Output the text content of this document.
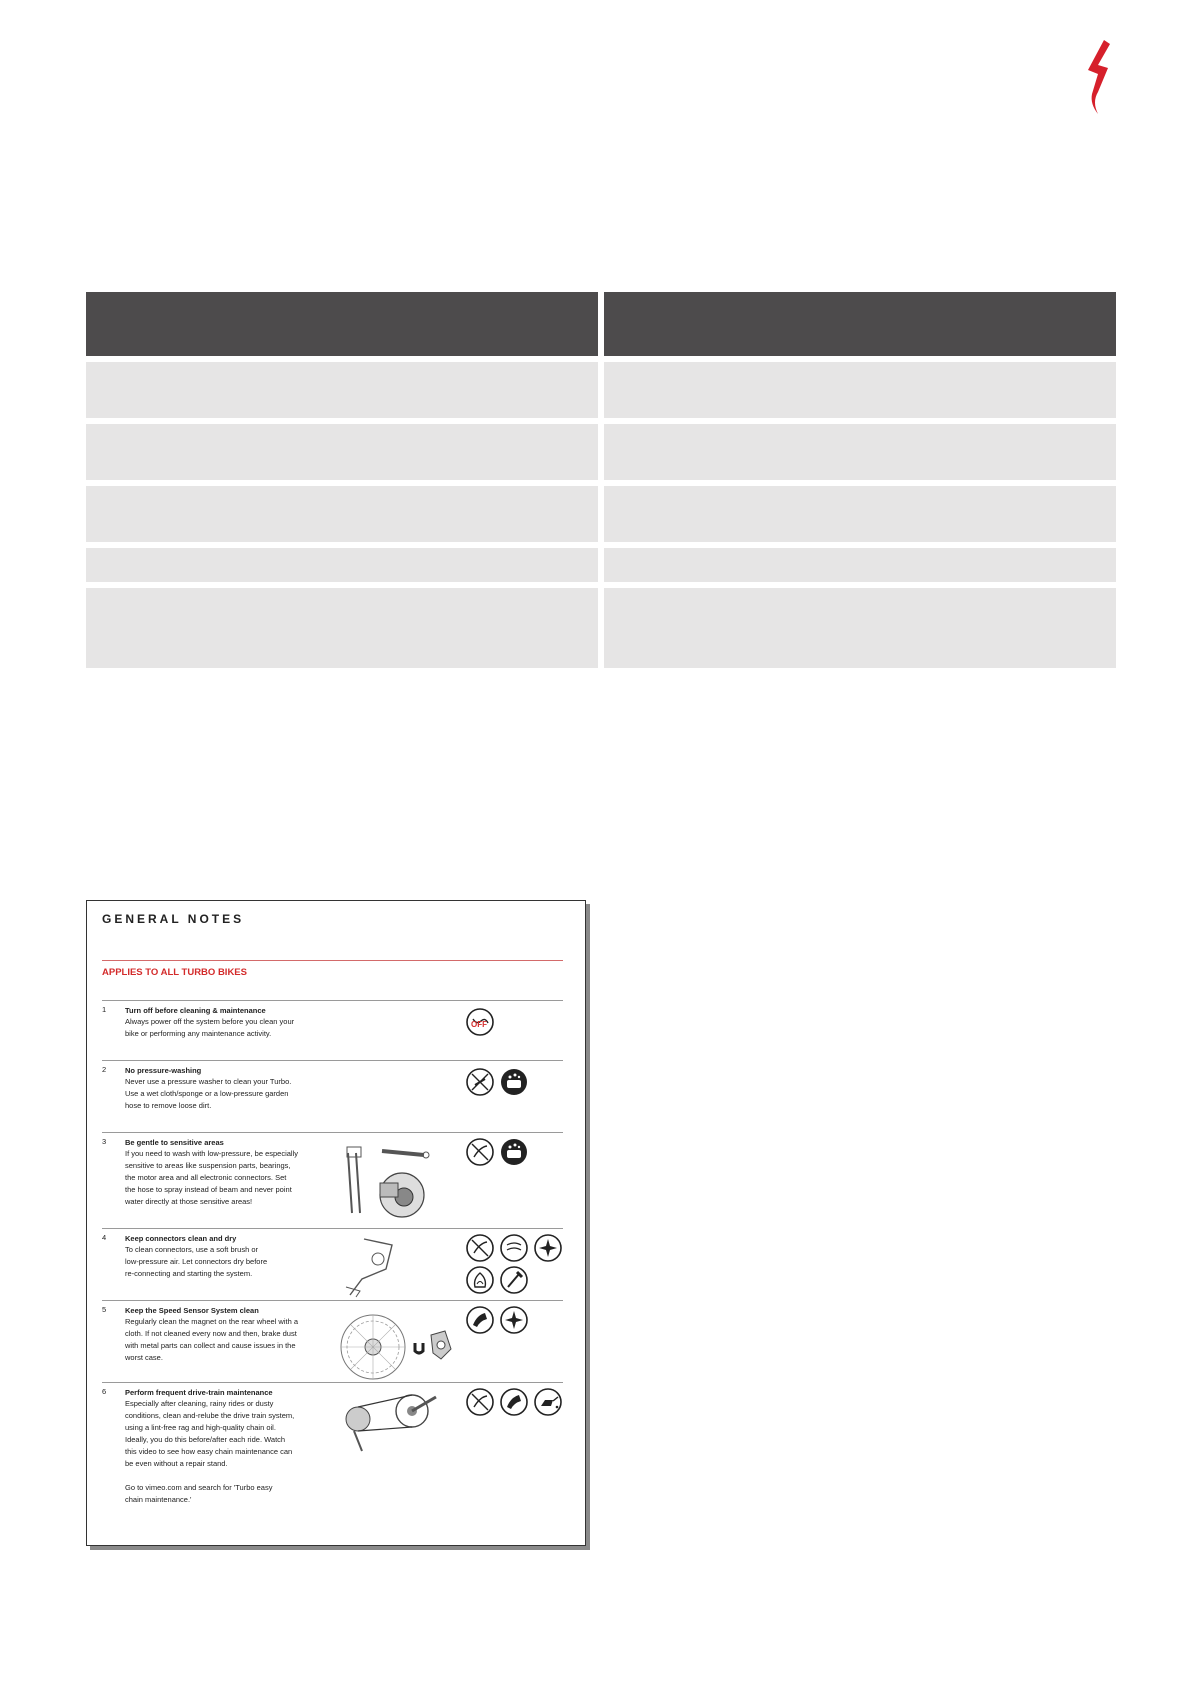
GENERAL NOTES
APPLIES TO ALL TURBO BIKES
1	Turn off before cleaning & maintenance
Always power off the system before you clean your
bike or performing any maintenance activity.
OFF
2	No pressure-washing
Never use a pressure washer to clean your Turbo.
Use a wet cloth/sponge or a low-pressure garden
hose to remove loose dirt.
3	Be gentle to sensitive areas
If you need to wash with low-pressure, be especially
sensitive to areas like suspension parts, bearings,
the motor area and all electronic connectors. Set
the hose to spray instead of beam and never point
water directly at those sensitive areas!
4	Keep connectors clean and dry
To clean connectors, use a soft brush or
low-pressure air. Let connectors dry before
re-connecting and starting the system.
5	Keep the Speed Sensor System clean
Regularly clean the magnet on the rear wheel with a
cloth. If not cleaned every now and then, brake dust
with metal parts can collect and cause issues in the
worst case.
6	Perform frequent drive-train maintenance
Especially after cleaning, rainy rides or dusty
conditions, clean and-relube the drive train system,
using a lint-free rag and high-quality chain oil.
Ideally, you do this before/after each ride. Watch
this video to see how easy chain maintenance can
be even without a repair stand.
Go to vimeo.com and search for 'Turbo easy
chain maintenance.'
